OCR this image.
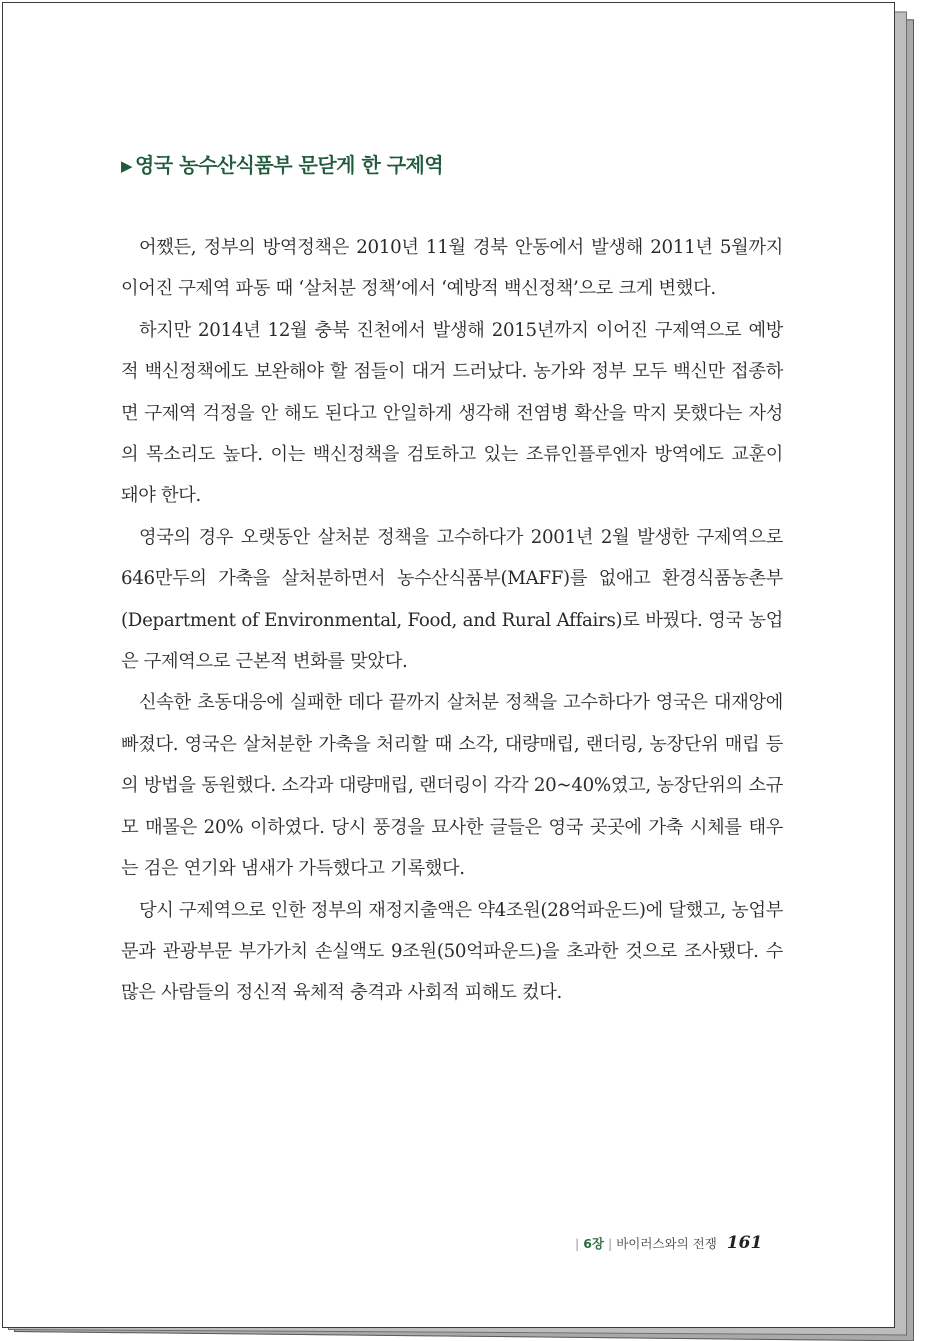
▶ 영국 농수산식품부 문닫게 한 구제역

어쨌든, 정부의 방역정책은 2010년 11월 경북 안동에서 발생해 2011년 5월까지 이어진 구제역 파동 때 ‘살처분 정책’에서 ‘예방적 백신정책’으로 크게 변했다.

하지만 2014년 12월 충북 진천에서 발생해 2015년까지 이어진 구제역으로 예방적 백신정책에도 보완해야 할 점들이 대거 드러났다. 농가와 정부 모두 백신만 접종하면 구제역 걱정을 안 해도 된다고 안일하게 생각해 전염병 확산을 막지 못했다는 자성의 목소리도 높다. 이는 백신정책을 검토하고 있는 조류인플루엔자 방역에도 교훈이 돼야 한다.

영국의 경우 오랫동안 살처분 정책을 고수하다가 2001년 2월 발생한 구제역으로 646만두의 가축을 살처분하면서 농수산식품부(MAFF)를 없애고 환경식품농촌부(Department of Environmental, Food, and Rural Affairs)로 바꿨다. 영국 농업은 구제역으로 근본적 변화를 맞았다.

신속한 초동대응에 실패한 데다 끝까지 살처분 정책을 고수하다가 영국은 대재앙에 빠졌다. 영국은 살처분한 가축을 처리할 때 소각, 대량매립, 랜더링, 농장단위 매립 등의 방법을 동원했다. 소각과 대량매립, 랜더링이 각각 20~40%였고, 농장단위의 소규모 매몰은 20% 이하였다. 당시 풍경을 묘사한 글들은 영국 곳곳에 가축 시체를 태우는 검은 연기와 냄새가 가득했다고 기록했다.

당시 구제역으로 인한 정부의 재정지출액은 약4조원(28억파운드)에 달했고, 농업부문과 관광부문 부가가치 손실액도 9조원(50억파운드)을 초과한 것으로 조사됐다. 수많은 사람들의 정신적 육체적 충격과 사회적 피해도 컸다.

| 6장 | 바이러스와의 전쟁 161
